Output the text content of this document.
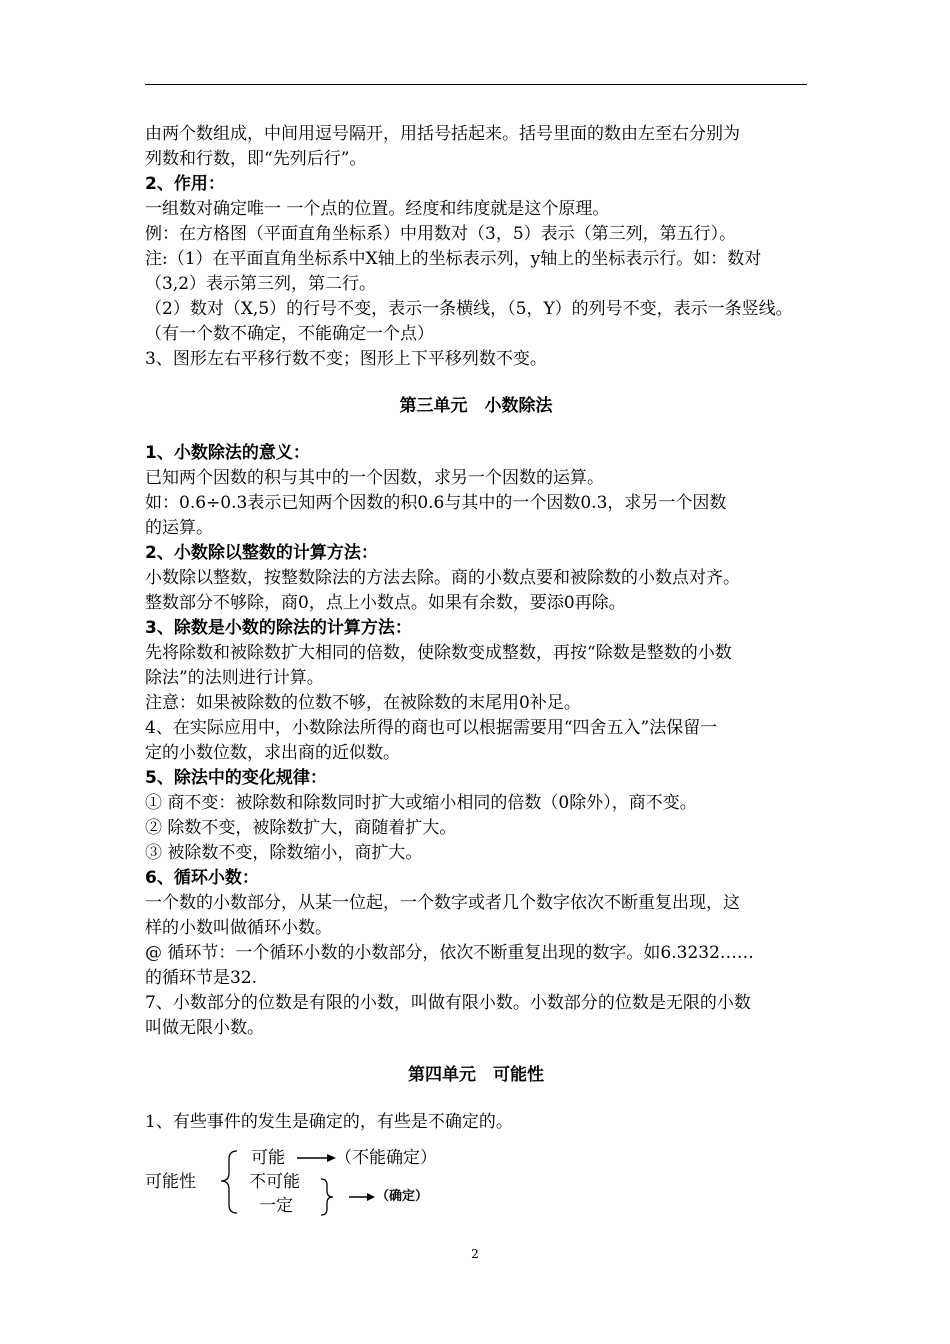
由两个数组成，中间用逗号隔开，用括号括起来。括号里面的数由左至右分别为
列数和行数，即“先列后行”。
2、作用：
一组数对确定唯一 一个点的位置。经度和纬度就是这个原理。
例：在方格图（平面直角坐标系）中用数对（3，5）表示（第三列，第五行）。
注:（1）在平面直角坐标系中X轴上的坐标表示列，y轴上的坐标表示行。如：数对
（3,2）表示第三列，第二行。
（2）数对（X,5）的行号不变，表示一条横线，（5，Y）的列号不变，表示一条竖线。
（有一个数不确定，不能确定一个点）
3、图形左右平移行数不变；图形上下平移列数不变。
第三单元　小数除法
1、小数除法的意义：
已知两个因数的积与其中的一个因数，求另一个因数的运算。
如：0.6÷0.3表示已知两个因数的积0.6与其中的一个因数0.3，求另一个因数
的运算。
2、小数除以整数的计算方法：
小数除以整数，按整数除法的方法去除。商的小数点要和被除数的小数点对齐。
整数部分不够除，商0，点上小数点。如果有余数，要添0再除。
3、除数是小数的除法的计算方法：
先将除数和被除数扩大相同的倍数，使除数变成整数，再按“除数是整数的小数
除法”的法则进行计算。
注意：如果被除数的位数不够，在被除数的末尾用0补足。
4、在实际应用中，小数除法所得的商也可以根据需要用“四舍五入”法保留一
定的小数位数，求出商的近似数。
5、除法中的变化规律：
① 商不变：被除数和除数同时扩大或缩小相同的倍数（0除外），商不变。
② 除数不变，被除数扩大，商随着扩大。
③ 被除数不变，除数缩小，商扩大。
6、循环小数：
一个数的小数部分，从某一位起，一个数字或者几个数字依次不断重复出现，这
样的小数叫做循环小数。
@ 循环节：一个循环小数的小数部分，依次不断重复出现的数字。如6.3232……
的循环节是32.
7、小数部分的位数是有限的小数，叫做有限小数。小数部分的位数是无限的小数
叫做无限小数。
第四单元　可能性
1、有些事件的发生是确定的，有些是不确定的。
可能性
可能	（不能确定）
不可能
一定	（确定）
2
